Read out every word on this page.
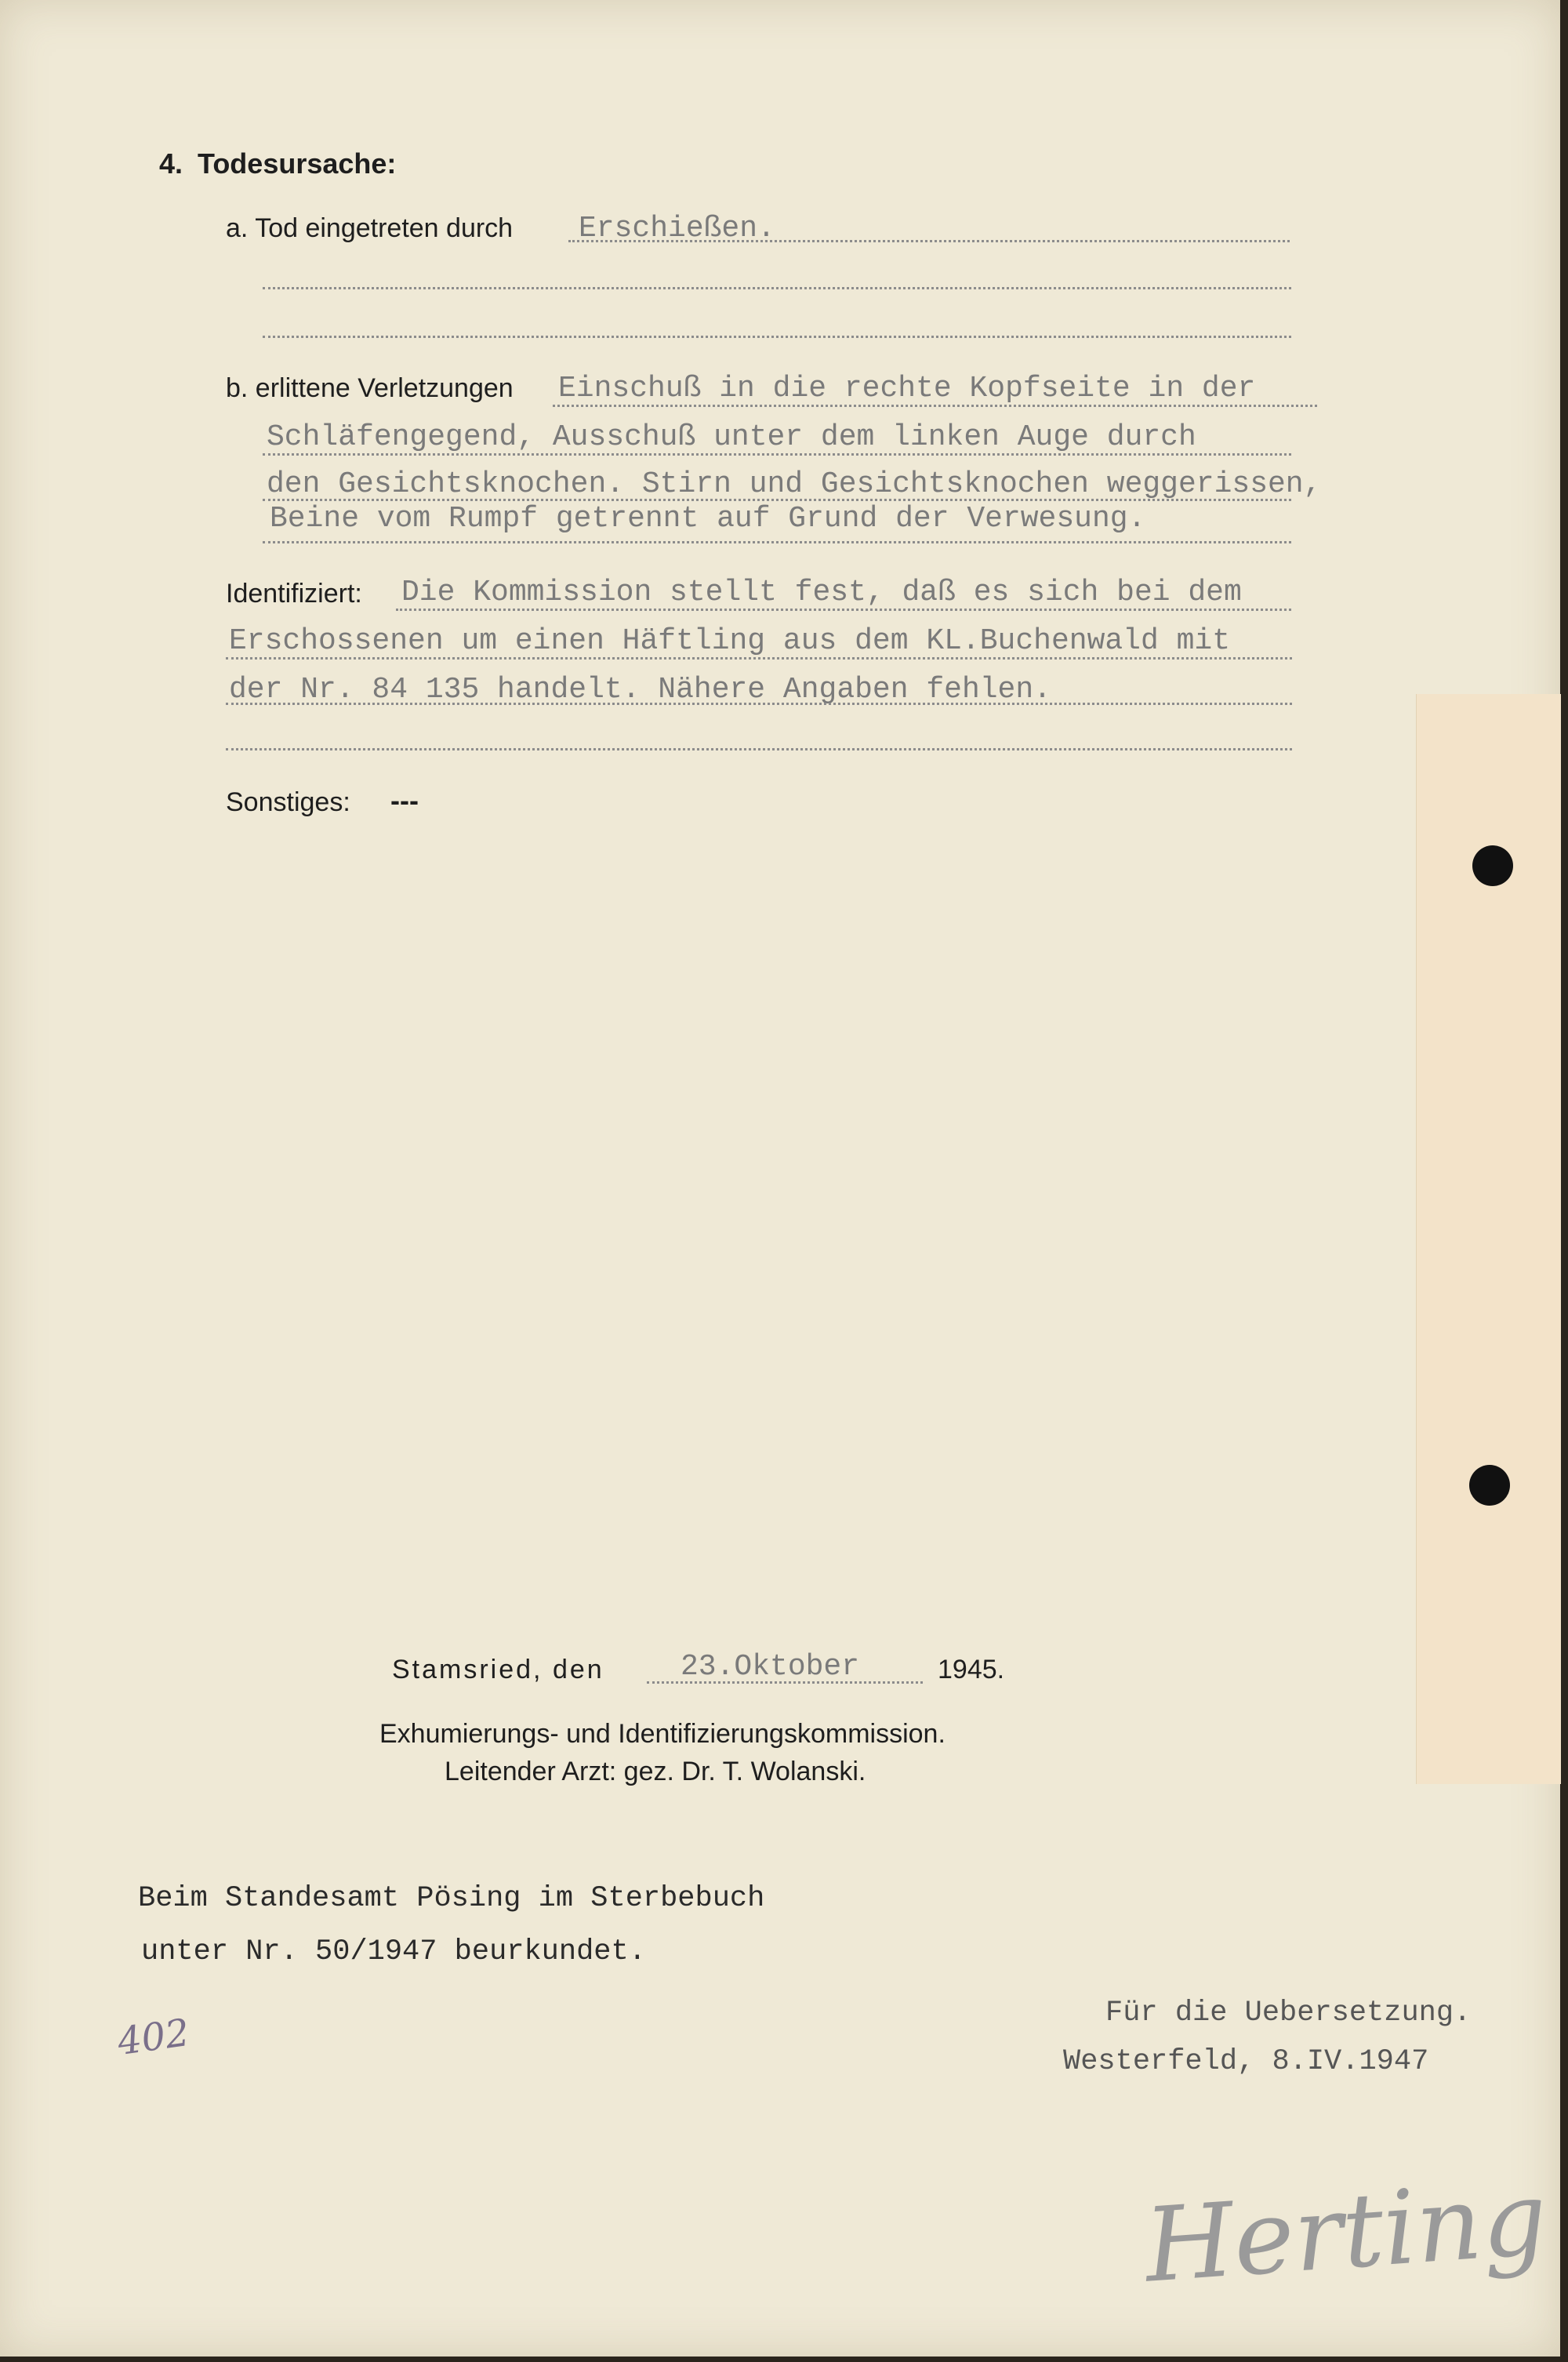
4. Todesursache:
a. Tod eingetreten durch Erschießen.
b. erlittene Verletzungen Einschuß in die rechte Kopfseite in der
Schläfengegend, Ausschuß unter dem linken Auge durch
den Gesichtsknochen. Stirn und Gesichtsknochen weggerissen,
Beine vom Rumpf getrennt auf Grund der Verwesung.
Identifiziert: Die Kommission stellt fest, daß es sich bei dem
Erschossenen um einen Häftling aus dem KL.Buchenwald mit
der Nr. 84 135 handelt. Nähere Angaben fehlen.
Sonstiges: ---
Stamsried, den	23.Oktober	1945.
Exhumierungs- und Identifizierungskommission.
Leitender Arzt: gez. Dr. T. Wolanski.
Beim Standesamt Pösing im Sterbebuch
unter Nr. 50/1947 beurkundet.
402	Für die Uebersetzung.
Westerfeld, 8.IV.1947
Herting
